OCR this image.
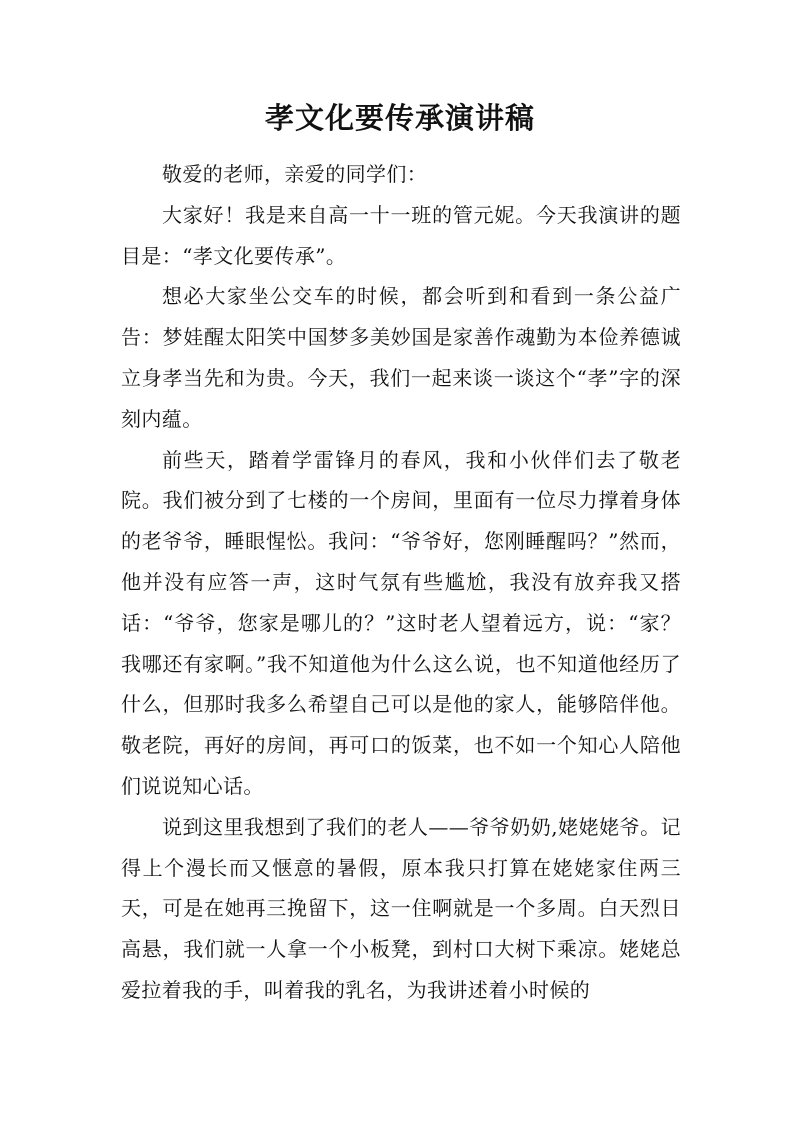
孝文化要传承演讲稿

敬爱的老师，亲爱的同学们：

大家好！我是来自高一十一班的管元妮。今天我演讲的题目是：“孝文化要传承”。

想必大家坐公交车的时候，都会听到和看到一条公益广告：梦娃醒太阳笑中国梦多美妙国是家善作魂勤为本俭养德诚立身孝当先和为贵。今天，我们一起来谈一谈这个“孝”字的深刻内蕴。

前些天，踏着学雷锋月的春风，我和小伙伴们去了敬老院。我们被分到了七楼的一个房间，里面有一位尽力撑着身体的老爷爷，睡眼惺忪。我问：“爷爷好，您刚睡醒吗？”然而，他并没有应答一声，这时气氛有些尴尬，我没有放弃我又搭话：“爷爷，您家是哪儿的？”这时老人望着远方，说：“家？我哪还有家啊。”我不知道他为什么这么说，也不知道他经历了什么，但那时我多么希望自己可以是他的家人，能够陪伴他。敬老院，再好的房间，再可口的饭菜，也不如一个知心人陪他们说说知心话。

说到这里我想到了我们的老人——爷爷奶奶,姥姥姥爷。记得上个漫长而又惬意的暑假，原本我只打算在姥姥家住两三天，可是在她再三挽留下，这一住啊就是一个多周。白天烈日高悬，我们就一人拿一个小板凳，到村口大树下乘凉。姥姥总爱拉着我的手，叫着我的乳名，为我讲述着小时候的
